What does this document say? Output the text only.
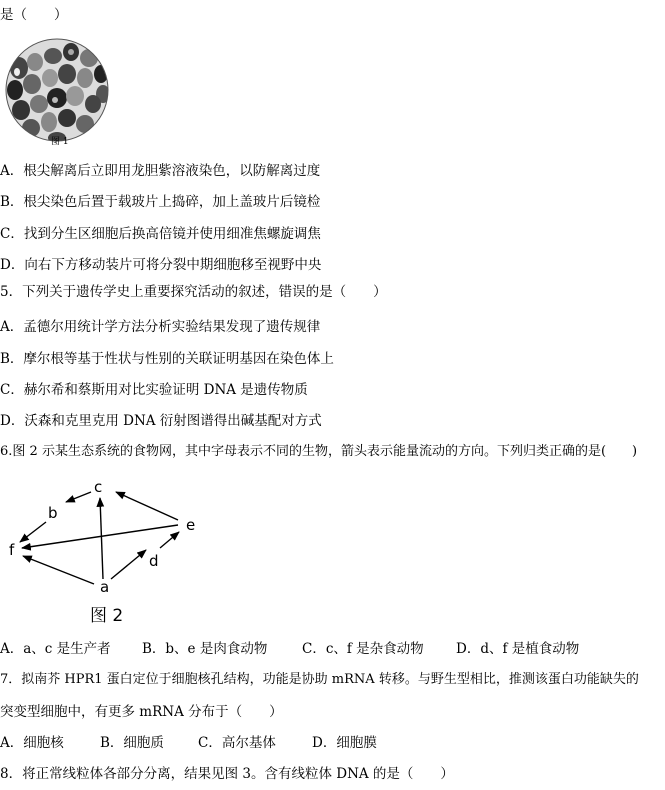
是（　　）
图 1
A．根尖解离后立即用龙胆紫溶液染色，以防解离过度
B．根尖染色后置于载玻片上捣碎，加上盖玻片后镜检
C．找到分生区细胞后换高倍镜并使用细准焦螺旋调焦
D．向右下方移动装片可将分裂中期细胞移至视野中央
5．下列关于遗传学史上重要探究活动的叙述，错误的是（　　）
A．孟德尔用统计学方法分析实验结果发现了遗传规律
B．摩尔根等基于性状与性别的关联证明基因在染色体上
C．赫尔希和蔡斯用对比实验证明 DNA 是遗传物质
D．沃森和克里克用 DNA 衍射图谱得出碱基配对方式
6.图 2 示某生态系统的食物网，其中字母表示不同的生物，箭头表示能量流动的方向。下列归类正确的是(　　)
c
b
e
f
d
a
图 2
A．a、c 是生产者 B．b、e 是肉食动物	C．c、f 是杂食动物 D．d、f 是植食动物
7．拟南芥 HPR1 蛋白定位于细胞核孔结构，功能是协助 mRNA 转移。与野生型相比，推测该蛋白功能缺失的
突变型细胞中，有更多 mRNA 分布于（　　）
A．细胞核	B．细胞质	C．高尔基体	D．细胞膜
8．将正常线粒体各部分分离，结果见图 3。含有线粒体 DNA 的是（　　）
